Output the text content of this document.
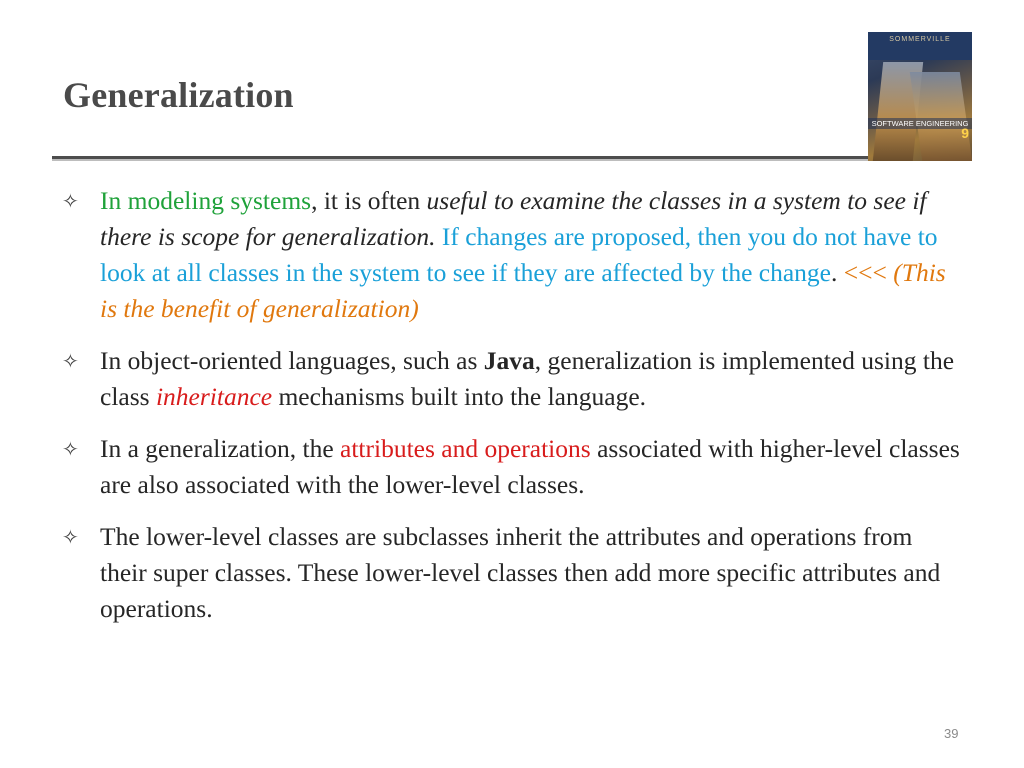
Generalization
SOMMERVILLE
SOFTWARE ENGINEERING
9
✧ In modeling systems, it is often useful to examine the classes in a system to see if there is scope for generalization. If changes are proposed, then you do not have to look at all classes in the system to see if they are affected by the change. <<< (This is the benefit of generalization)
✧ In object-oriented languages, such as Java, generalization is implemented using the class inheritance mechanisms built into the language.
✧ In a generalization, the attributes and operations associated with higher-level classes are also associated with the lower-level classes.
✧ The lower-level classes are subclasses inherit the attributes and operations from their super classes. These lower-level classes then add more specific attributes and operations.
39
